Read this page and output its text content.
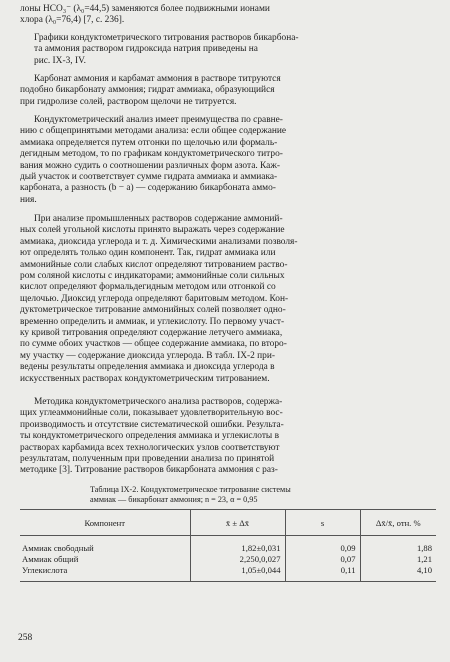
лоны НСО₃⁻ (λ₀=44,5) заменяются более подвижными ионами
хлора (λ₀=76,4) [7, с. 236].
Графики кондуктометрического титрования растворов бикарбона-
та аммония раствором гидроксида натрия приведены на
рис. IX-3, IV.
Карбонат аммония и карбамат аммония в растворе титруются
подобно бикарбонату аммония; гидрат аммиака, образующийся
при гидролизе солей, раствором щелочи не титруется.
Кондуктометрический анализ имеет преимущества по сравне-
нию с общепринятыми методами анализа: если общее содержание
аммиака определяется путем отгонки по щелочью или формаль-
дегидным методом, то по графикам кондуктометрического титро-
вания можно судить о соотношении различных форм азота. Каж-
дый участок и соответствует сумме гидрата аммиака и аммиака-
карбоната, а разность (b − a) — содержанию бикарбоната аммо-
ния.
При анализе промышленных растворов содержание аммоний-
ных солей угольной кислоты принято выражать через содержание
аммиака, диоксида углерода и т. д. Химическими анализами позволя-
ют определять только один компонент. Так, гидрат аммиака или
аммонийные соли слабых кислот определяют титрованием раство-
ром соляной кислоты с индикаторами; аммонийные соли сильных
кислот определяют формальдегидным методом или отгонкой со
щелочью. Диоксид углерода определяют баритовым методом. Кон-
дуктометрическое титрование аммонийных солей позволяет одно-
временно определить и аммиак, и углекислоту. По первому участ-
ку кривой титрования определяют содержание летучего аммиака,
по сумме обоих участков — общее содержание аммиака, по второ-
му участку — содержание диоксида углерода. В табл. IX-2 при-
ведены результаты определения аммиака и диоксида углерода в
искусственных растворах кондуктометрическим титрованием.
Методика кондуктометрического анализа растворов, содержа-
щих углеаммонийные соли, показывает удовлетворительную вос-
производимость и отсутствие систематической ошибки. Результа-
ты кондуктометрического определения аммиака и углекислоты в
растворах карбамида всех технологических узлов соответствуют
результатам, полученным при проведении анализа по принятой
методике [3]. Титрование растворов бикарбоната аммония с раз-
Таблица IX-2. Кондуктометрическое титрование системы
аммиак — бикарбонат аммония; n = 23, α = 0,95
Компонент	x̄ ± Δx̄	s	Δx̄/x̄, отн. %
Аммиак свободный	1,82±0,031	0,09	1,88
Аммиак общий	2,250,0,027	0,07	1,21
Углекислота	1,05±0,044	0,11	4,10
258
